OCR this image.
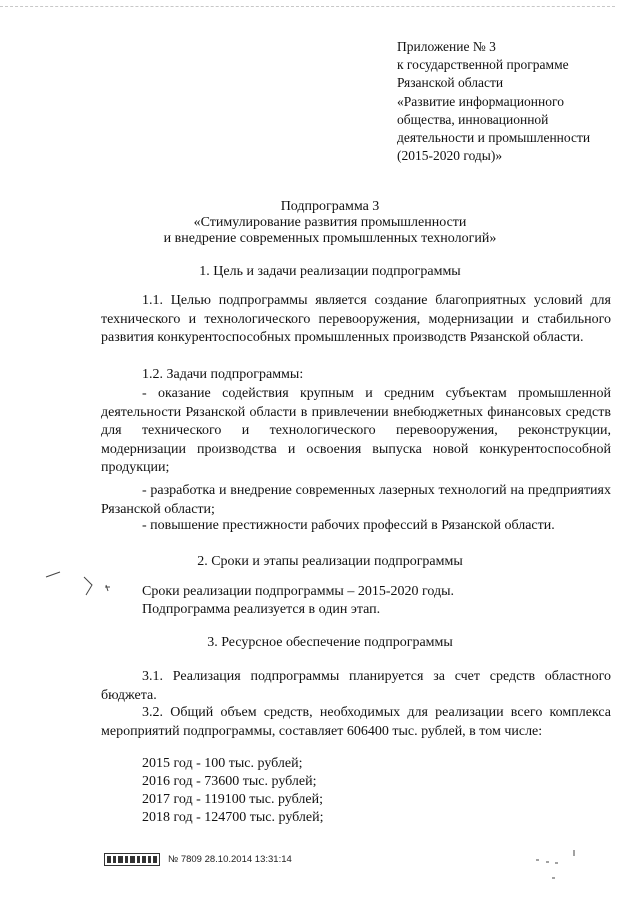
Приложение № 3
к государственной программе
Рязанской области
«Развитие информационного
общества, инновационной
деятельности и промышленности
(2015-2020 годы)»
Подпрограмма 3
«Стимулирование развития промышленности
и внедрение современных промышленных технологий»
1. Цель и задачи реализации подпрограммы
1.1. Целью подпрограммы является создание благоприятных условий для технического и технологического перевооружения, модернизации и стабильного развития конкурентоспособных промышленных производств Рязанской области.
1.2. Задачи подпрограммы:
- оказание содействия крупным и средним субъектам промышленной деятельности Рязанской области в привлечении внебюджетных финансовых средств для технического и технологического перевооружения, реконструкции, модернизации производства и освоения выпуска новой конкурентоспособной продукции;
- разработка и внедрение современных лазерных технологий на предприятиях Рязанской области;
- повышение престижности рабочих профессий в Рязанской области.
2. Сроки и этапы реализации подпрограммы
Сроки реализации подпрограммы – 2015-2020 годы.
Подпрограмма реализуется в один этап.
3. Ресурсное обеспечение подпрограммы
3.1. Реализация подпрограммы планируется за счет средств областного бюджета.
3.2. Общий объем средств, необходимых для реализации всего комплекса мероприятий подпрограммы, составляет 606400 тыс. рублей, в том числе:
2015 год - 100 тыс. рублей;
2016 год - 73600 тыс. рублей;
2017 год - 119100 тыс. рублей;
2018 год - 124700 тыс. рублей;
№ 7809 28.10.2014 13:31:14
